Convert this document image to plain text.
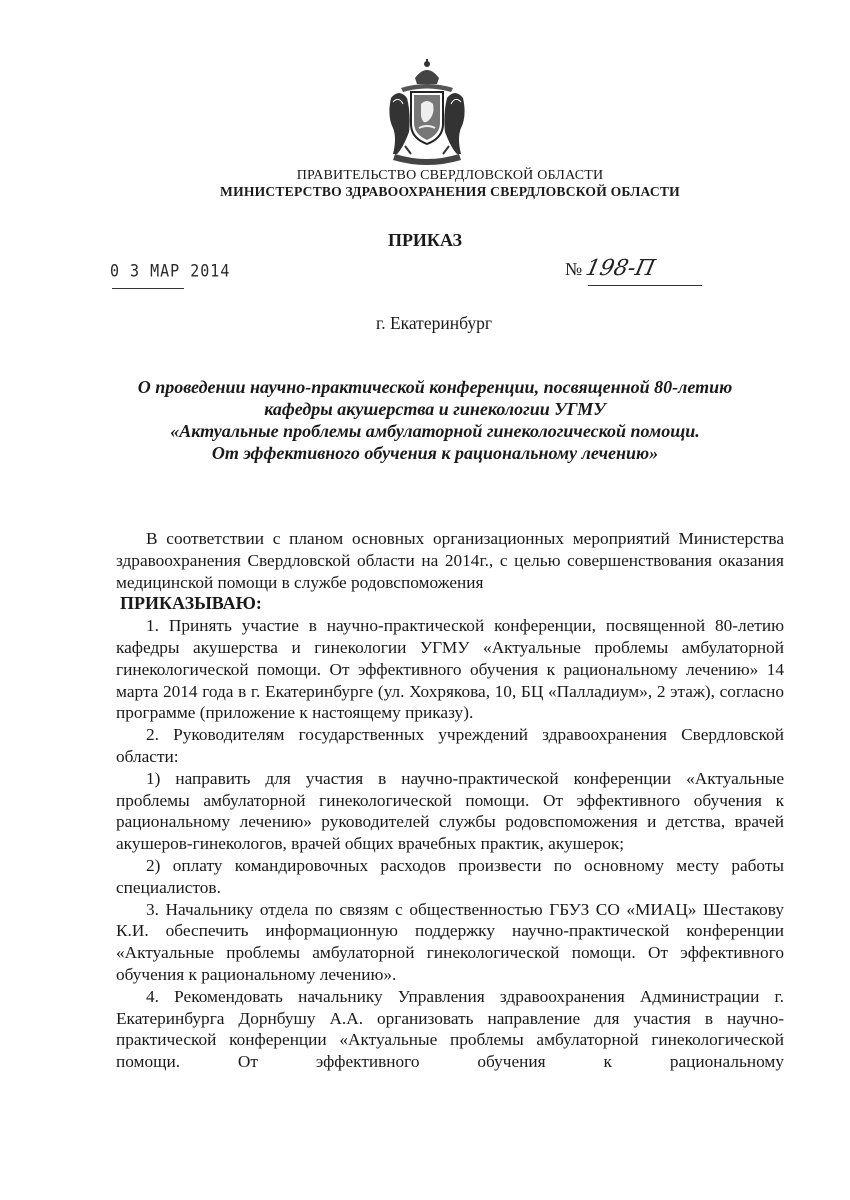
ПРАВИТЕЛЬСТВО СВЕРДЛОВСКОЙ ОБЛАСТИ
МИНИСТЕРСТВО ЗДРАВООХРАНЕНИЯ СВЕРДЛОВСКОЙ ОБЛАСТИ
ПРИКАЗ
0 3 МАР 2014	№198-П
г. Екатеринбург
О проведении научно-практической конференции, посвященной 80-летию
кафедры акушерства и гинекологии УГМУ
«Актуальные проблемы амбулаторной гинекологической помощи.
От эффективного обучения к рациональному лечению»
В соответствии с планом основных организационных мероприятий Министерства здравоохранения Свердловской области на 2014г., с целью совершенствования оказания медицинской помощи в службе родовспоможения
ПРИКАЗЫВАЮ:
1. Принять участие в научно-практической конференции, посвященной 80-летию кафедры акушерства и гинекологии УГМУ «Актуальные проблемы амбулаторной гинекологической помощи. От эффективного обучения к рациональному лечению» 14 марта 2014 года в г. Екатеринбурге (ул. Хохрякова, 10, БЦ «Палладиум», 2 этаж), согласно программе (приложение к настоящему приказу).
2. Руководителям государственных учреждений здравоохранения Свердловской области:
1) направить для участия в научно-практической конференции «Актуальные проблемы амбулаторной гинекологической помощи. От эффективного обучения к рациональному лечению» руководителей службы родовспоможения и детства, врачей акушеров-гинекологов, врачей общих врачебных практик, акушерок;
2) оплату командировочных расходов произвести по основному месту работы специалистов.
3. Начальнику отдела по связям с общественностью ГБУЗ СО «МИАЦ» Шестакову К.И. обеспечить информационную поддержку научно-практической конференции «Актуальные проблемы амбулаторной гинекологической помощи. От эффективного обучения к рациональному лечению».
4. Рекомендовать начальнику Управления здравоохранения Администрации г. Екатеринбурга Дорнбушу А.А. организовать направление для участия в научно-практической конференции «Актуальные проблемы амбулаторной гинекологической помощи. От эффективного обучения к рациональному
